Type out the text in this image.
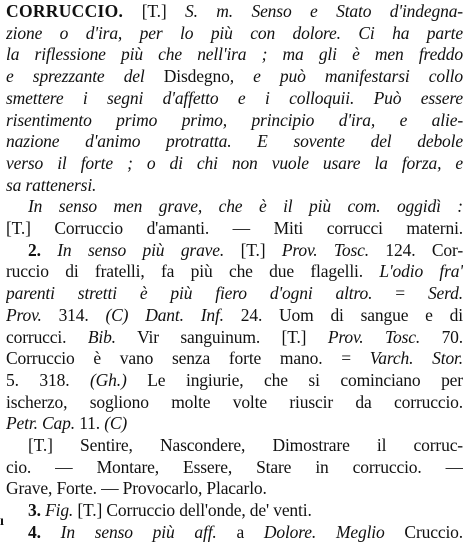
CORRUCCIO. [T.] S. m. Senso e Stato d'indegna-
zione o d'ira, per lo più con dolore. Ci ha parte
la riflessione più che nell'ira ; ma gli è men freddo
e sprezzante del Disdegno, e può manifestarsi collo
smettere i segni d'affetto e i colloquii. Può essere
risentimento primo primo, principio d'ira, e alie-
nazione d'animo protratta. E sovente del debole
verso il forte ; o di chi non vuole usare la forza, e
sa rattenersi.
In senso men grave, che è il più com. oggidì :
[T.] Corruccio d'amanti. — Miti corrucci materni.
2. In senso più grave. [T.] Prov. Tosc. 124. Cor-
ruccio di fratelli, fa più che due flagelli. L'odio fra'
parenti stretti è più fiero d'ogni altro. = Serd.
Prov. 314. (C) Dant. Inf. 24. Uom di sangue e di
corrucci. Bib. Vir sanguinum. [T.] Prov. Tosc. 70.
Corruccio è vano senza forte mano. = Varch. Stor.
5. 318. (Gh.) Le ingiurie, che si cominciano per
ischerzo, sogliono molte volte riuscir da corruccio.
Petr. Cap. 11. (C)
[T.] Sentire, Nascondere, Dimostrare il corruc-
cio. — Montare, Essere, Stare in corruccio. —
Grave, Forte. — Provocarlo, Placarlo.
3. Fig. [T.] Corruccio dell'onde, de' venti.
4. In senso più aff. a Dolore. Meglio Cruccio.
ı
